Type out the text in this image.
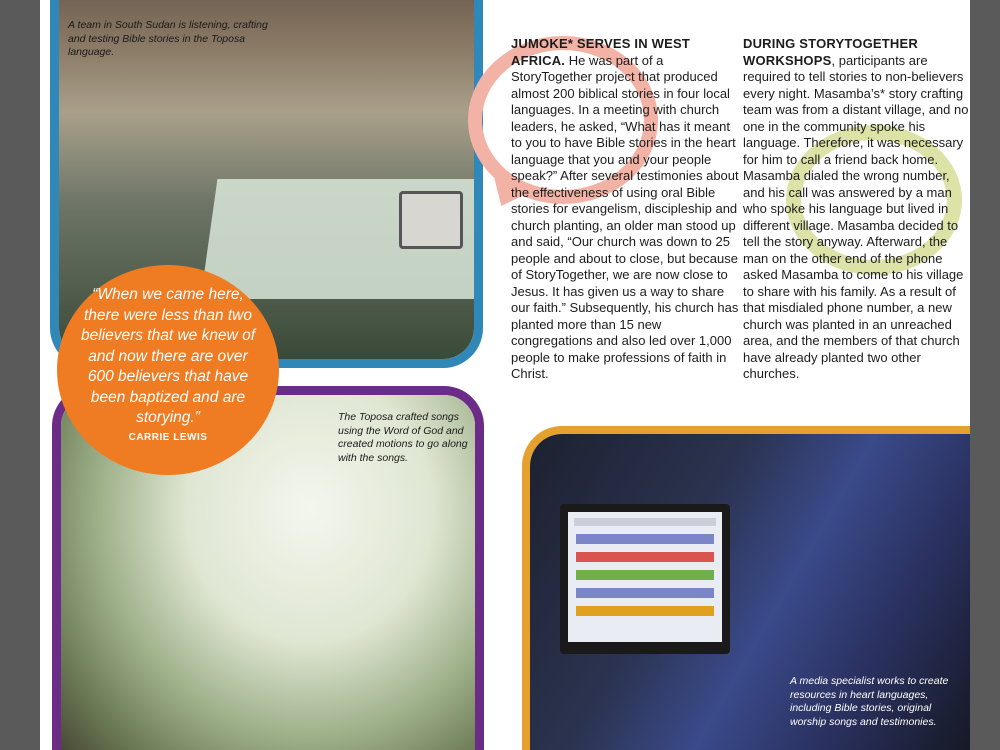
A team in South Sudan is listening, crafting and testing Bible stories in the Toposa language.
The Toposa crafted songs using the Word of God and created motions to go along with the songs.
A media specialist works to create resources in heart languages, including Bible stories, original worship songs and testimonies.
“When we came here, there were less than two believers that we knew of and now there are over 600 believers that have been baptized and are storying.”
CARRIE LEWIS
JUMOKE* SERVES IN WEST AFRICA. He was part of a StoryTogether project that produced almost 200 biblical stories in four local languages. In a meeting with church leaders, he asked, “What has it meant to you to have Bible stories in the heart language that you and your people speak?” After several testimonies about the effectiveness of using oral Bible stories for evangelism, discipleship and church planting, an older man stood up and said, “Our church was down to 25 people and about to close, but because of StoryTogether, we are now close to Jesus. It has given us a way to share our faith.” Subsequently, his church has planted more than 15 new congregations and also led over 1,000 people to make professions of faith in Christ.
DURING STORYTOGETHER WORKSHOPS, participants are required to tell stories to non-believers every night. Masamba’s* story crafting team was from a distant village, and no one in the community spoke his language. Therefore, it was necessary for him to call a friend back home. Masamba dialed the wrong number, and his call was answered by a man who spoke his language but lived in different village. Masamba decided to tell the story anyway. Afterward, the man on the other end of the phone asked Masamba to come to his village to share with his family. As a result of that misdialed phone number, a new church was planted in an unreached area, and the members of that church have already planted two other churches.
